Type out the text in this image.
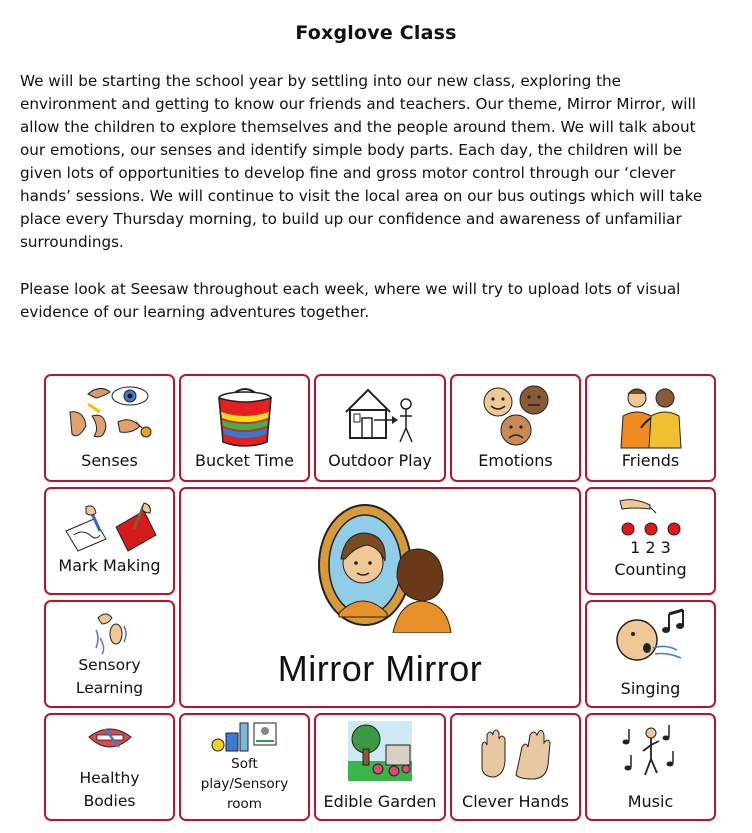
Foxglove Class

We will be starting the school year by settling into our new class, exploring the environment and getting to know our friends and teachers. Our theme, Mirror Mirror, will allow the children to explore themselves and the people around them. We will talk about our emotions, our senses and identify simple body parts. Each day, the children will be given lots of opportunities to develop fine and gross motor control through our ‘clever hands’ sessions. We will continue to visit the local area on our bus outings which will take place every Thursday morning, to build up our confidence and awareness of unfamiliar surroundings.

Please look at Seesaw throughout each week, where we will try to upload lots of visual evidence of our learning adventures together.

Senses	Bucket Time	Outdoor Play	Emotions	Friends
Mark Making
Mirror Mirror
1 2 3
Counting
Sensory
Learning	Singing
Healthy
Bodies
Soft
play/Sensory
room	Edible Garden	Clever Hands	Music
